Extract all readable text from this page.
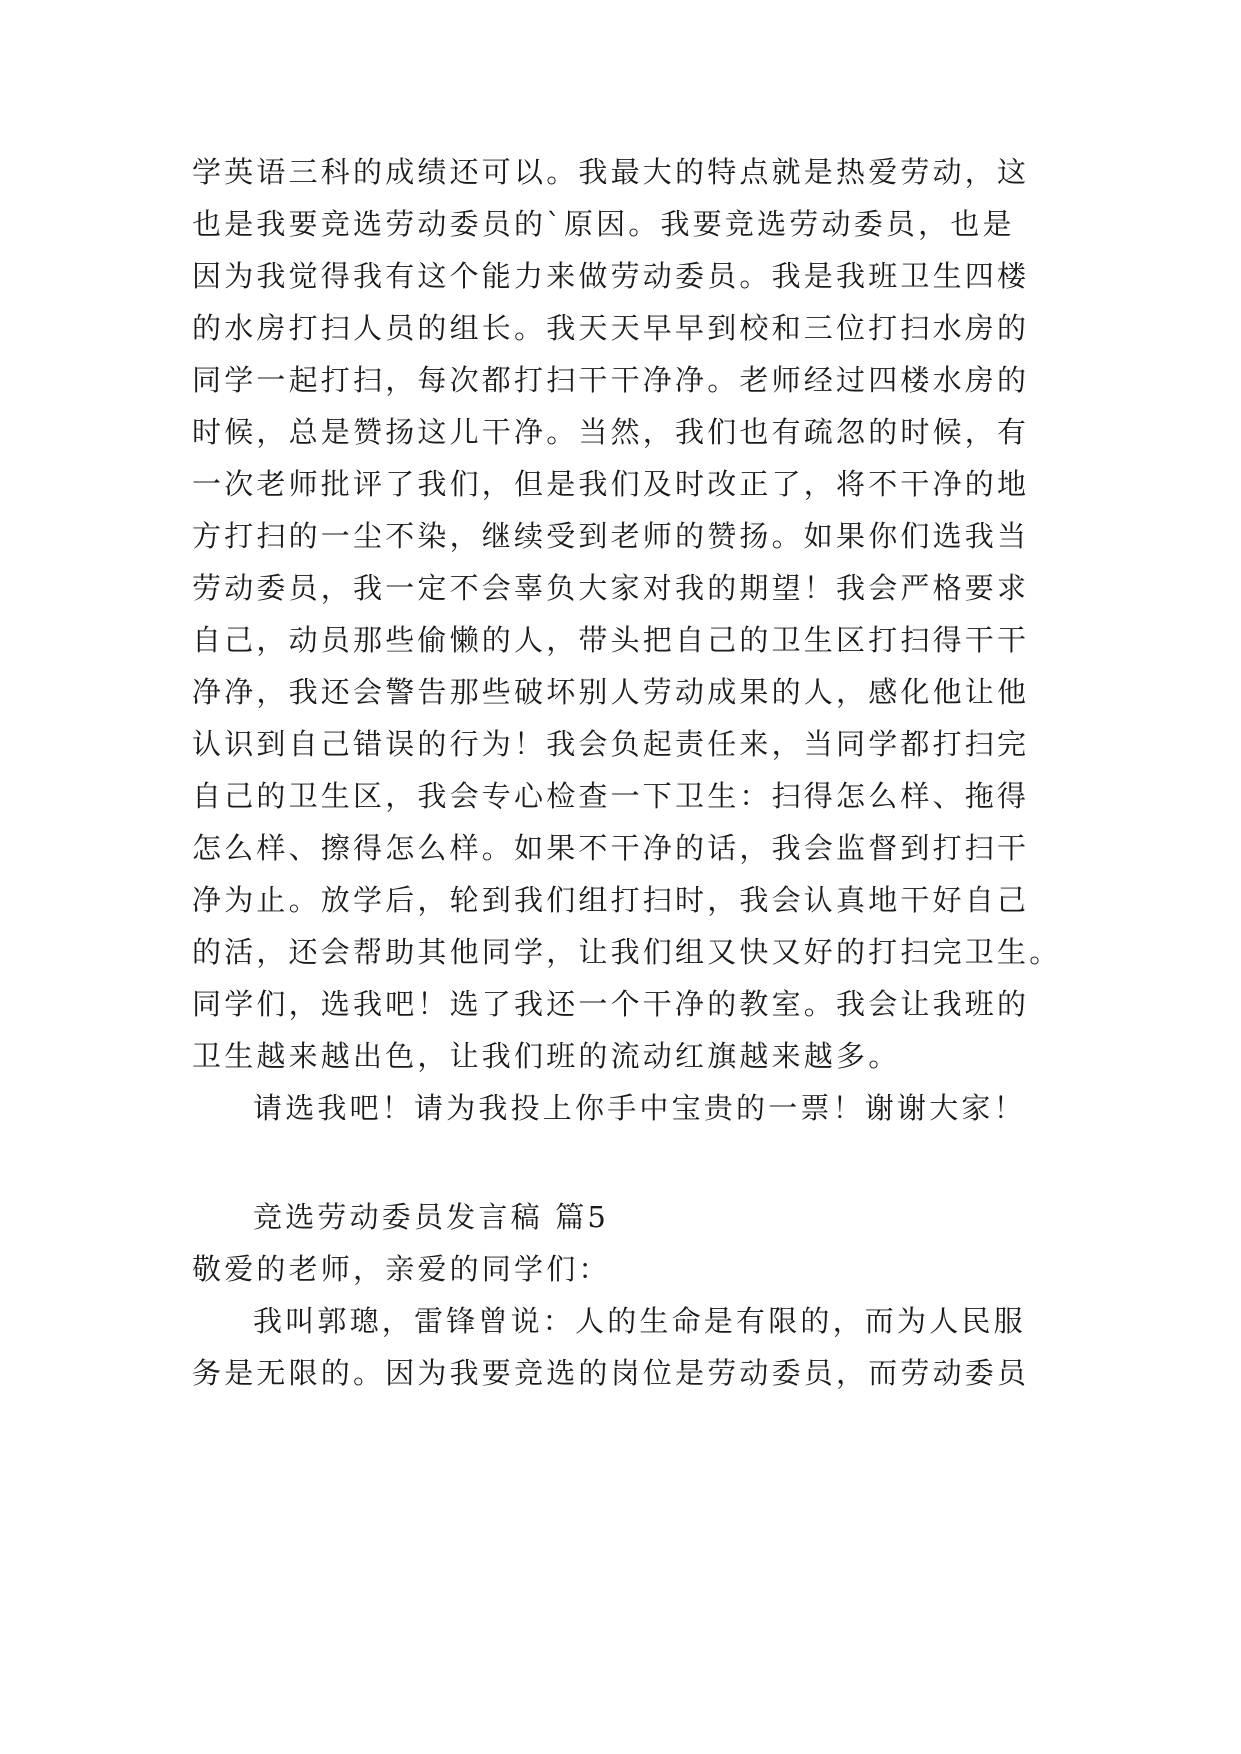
学英语三科的成绩还可以。我最大的特点就是热爱劳动，这
也是我要竞选劳动委员的`原因。我要竞选劳动委员，也是
因为我觉得我有这个能力来做劳动委员。我是我班卫生四楼
的水房打扫人员的组长。我天天早早到校和三位打扫水房的
同学一起打扫，每次都打扫干干净净。老师经过四楼水房的
时候，总是赞扬这儿干净。当然，我们也有疏忽的时候，有
一次老师批评了我们，但是我们及时改正了，将不干净的地
方打扫的一尘不染，继续受到老师的赞扬。如果你们选我当
劳动委员，我一定不会辜负大家对我的期望！我会严格要求
自己，动员那些偷懒的人，带头把自己的卫生区打扫得干干
净净，我还会警告那些破坏别人劳动成果的人，感化他让他
认识到自己错误的行为！我会负起责任来，当同学都打扫完
自己的卫生区，我会专心检查一下卫生：扫得怎么样、拖得
怎么样、擦得怎么样。如果不干净的话，我会监督到打扫干
净为止。放学后，轮到我们组打扫时，我会认真地干好自己
的活，还会帮助其他同学，让我们组又快又好的打扫完卫生。
同学们，选我吧！选了我还一个干净的教室。我会让我班的
卫生越来越出色，让我们班的流动红旗越来越多。
请选我吧！请为我投上你手中宝贵的一票！谢谢大家！
竞选劳动委员发言稿 篇5
敬爱的老师，亲爱的同学们：
我叫郭璁，雷锋曾说：人的生命是有限的，而为人民服
务是无限的。因为我要竞选的岗位是劳动委员，而劳动委员
